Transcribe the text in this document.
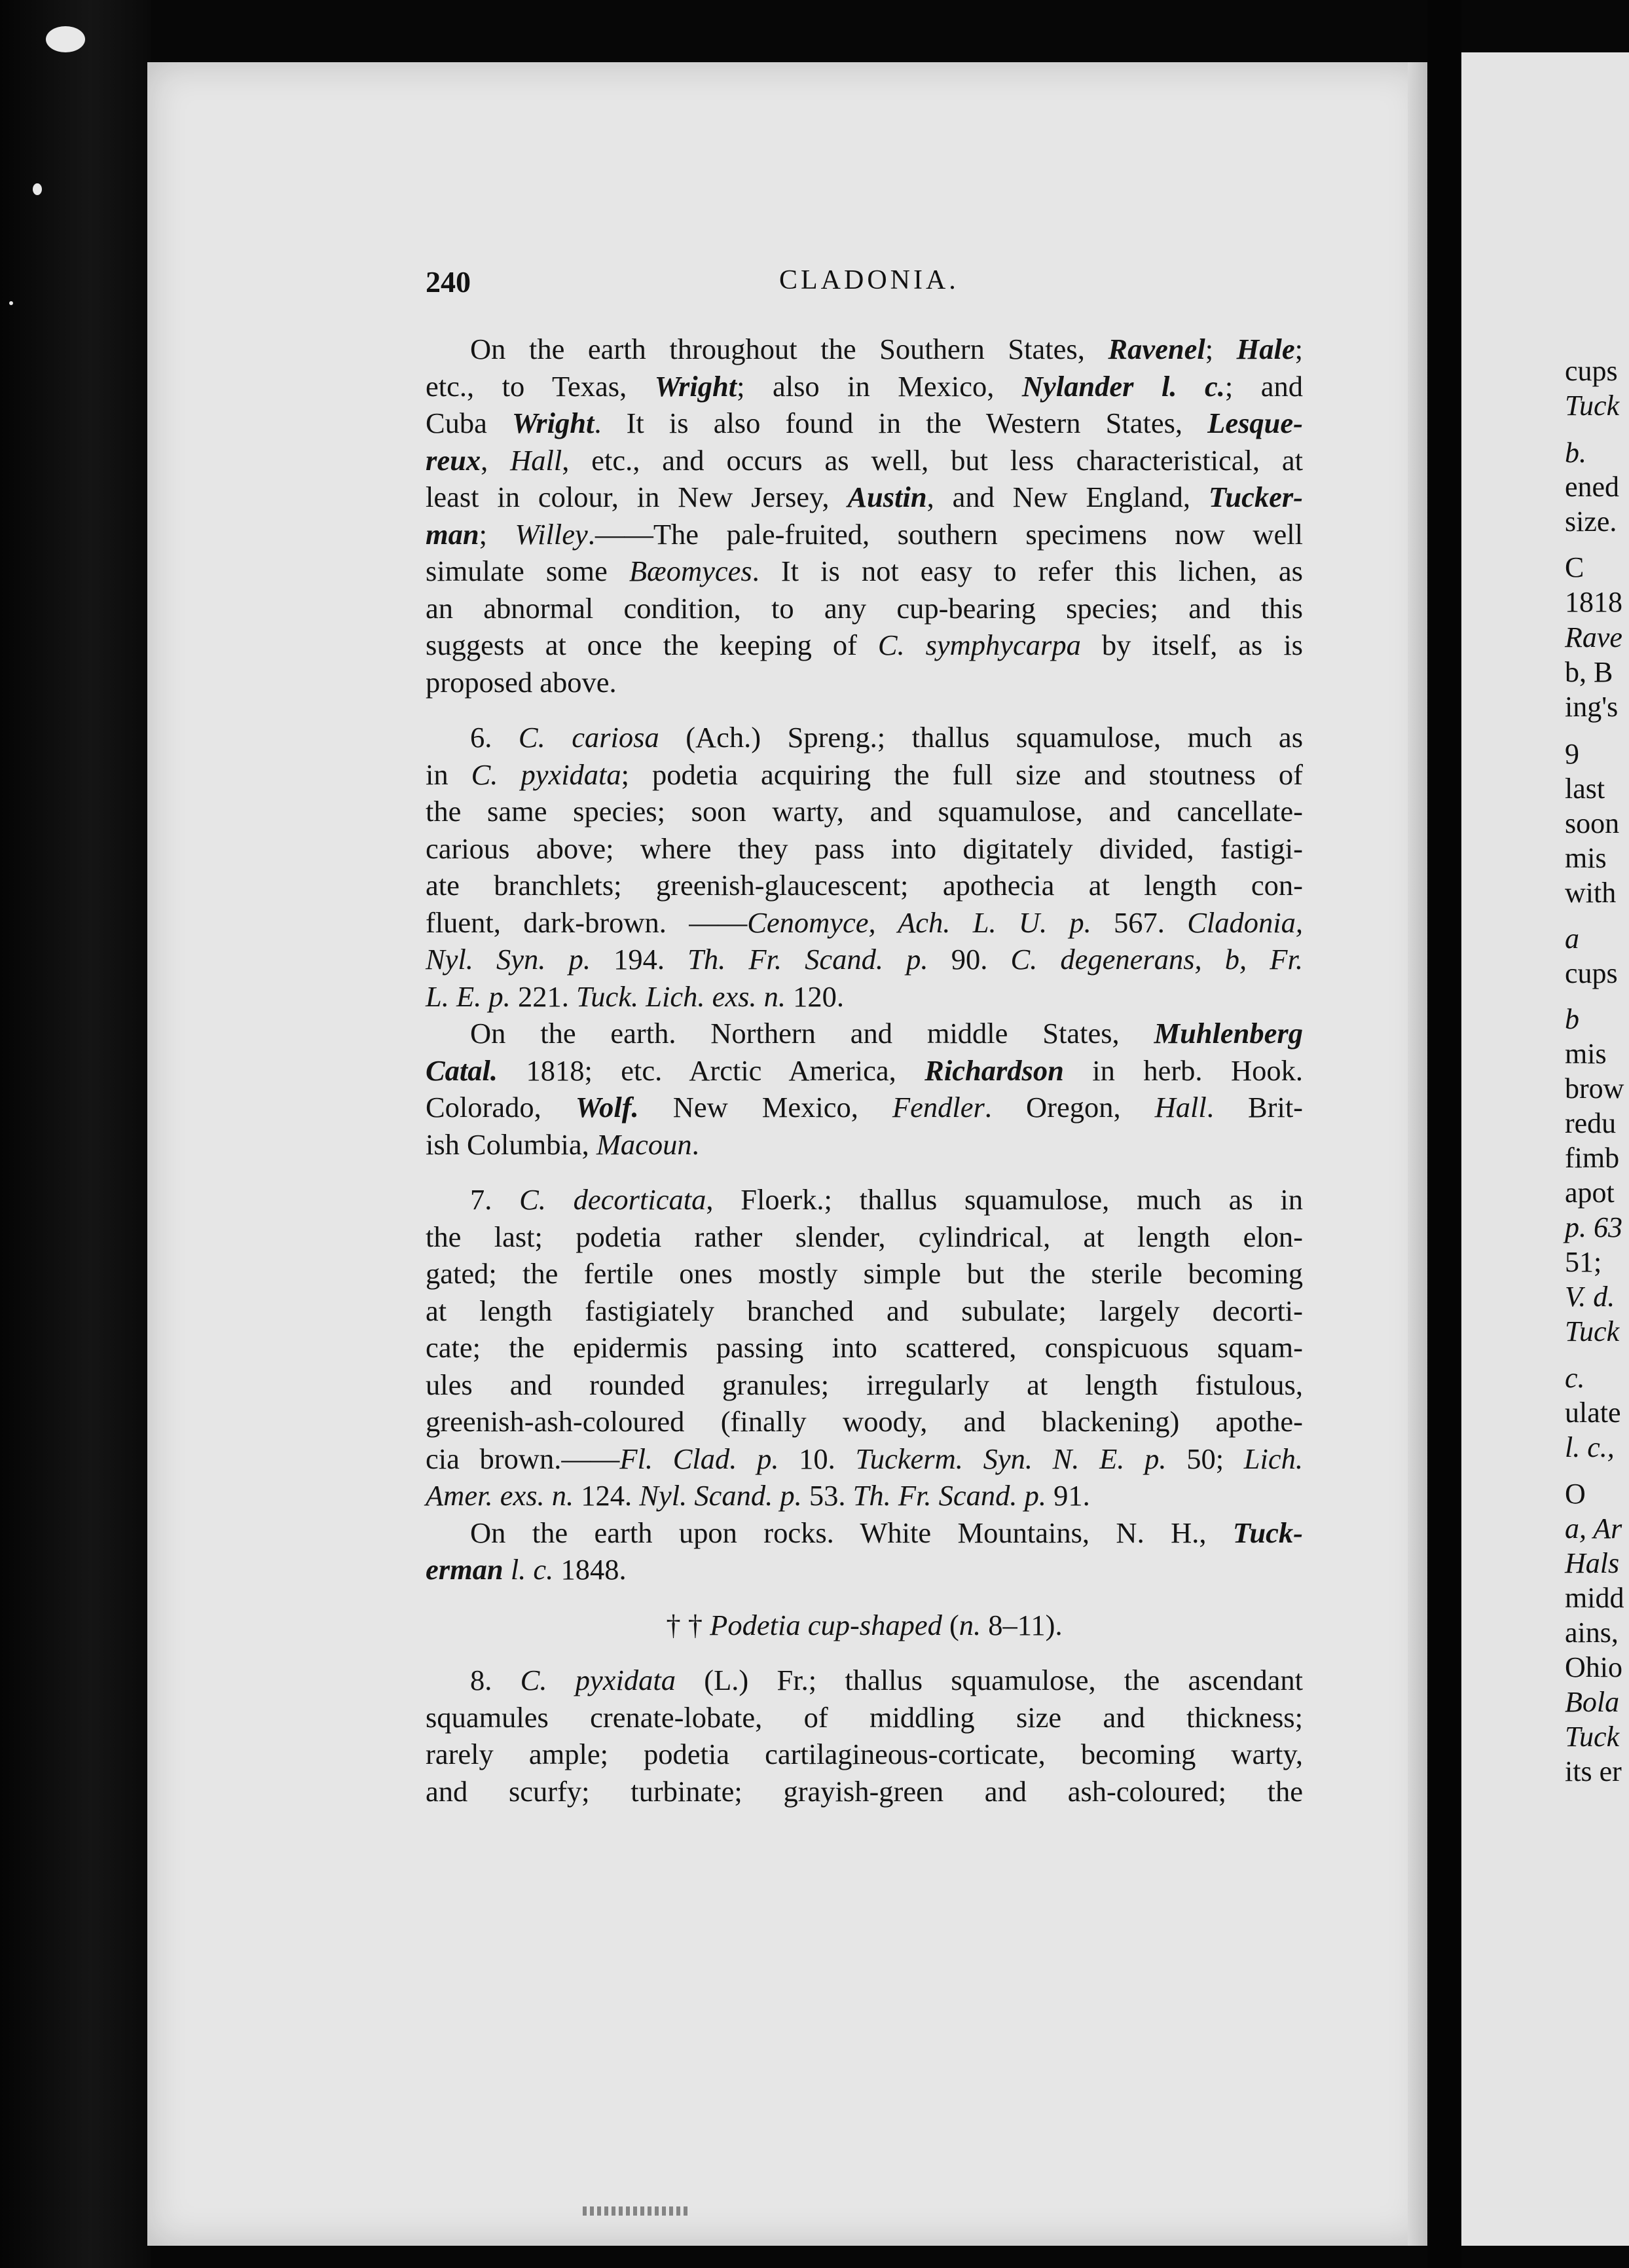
cups
Tuck
b.
ened
size.
C
1818
Rave
b, B
ing's
9
last
soon
mis
with
a
cups
b
mis
brow
redu
fimb
apot
p. 63
51;
V. d.
Tuck
c.
ulate
l. c.,
O
a, Ar
Hals
midd
ains,
Ohio
Bola
Tuck
its er
240	CLADONIA.
On the earth throughout the Southern States, Ravenel; Hale;
etc., to Texas, Wright; also in Mexico, Nylander l. c.; and
Cuba Wright. It is also found in the Western States, Lesque-
reux, Hall, etc., and occurs as well, but less characteristical, at
least in colour, in New Jersey, Austin, and New England, Tucker-
man; Willey.——The pale-fruited, southern specimens now well
simulate some Bæomyces. It is not easy to refer this lichen, as
an abnormal condition, to any cup-bearing species; and this
suggests at once the keeping of C. symphycarpa by itself, as is
proposed above.
6. C. cariosa (Ach.) Spreng.; thallus squamulose, much as
in C. pyxidata; podetia acquiring the full size and stoutness of
the same species; soon warty, and squamulose, and cancellate-
carious above; where they pass into digitately divided, fastigi-
ate branchlets; greenish-glaucescent; apothecia at length con-
fluent, dark-brown. ——Cenomyce, Ach. L. U. p. 567. Cladonia,
Nyl. Syn. p. 194. Th. Fr. Scand. p. 90. C. degenerans, b, Fr.
L. E. p. 221. Tuck. Lich. exs. n. 120.
On the earth. Northern and middle States, Muhlenberg
Catal. 1818; etc. Arctic America, Richardson in herb. Hook.
Colorado, Wolf. New Mexico, Fendler. Oregon, Hall. Brit-
ish Columbia, Macoun.
7. C. decorticata, Floerk.; thallus squamulose, much as in
the last; podetia rather slender, cylindrical, at length elon-
gated; the fertile ones mostly simple but the sterile becoming
at length fastigiately branched and subulate; largely decorti-
cate; the epidermis passing into scattered, conspicuous squam-
ules and rounded granules; irregularly at length fistulous,
greenish-ash-coloured (finally woody, and blackening) apothe-
cia brown.——Fl. Clad. p. 10. Tuckerm. Syn. N. E. p. 50; Lich.
Amer. exs. n. 124. Nyl. Scand. p. 53. Th. Fr. Scand. p. 91.
On the earth upon rocks. White Mountains, N. H., Tuck-
erman l. c. 1848.
† † Podetia cup-shaped (n. 8–11).
8. C. pyxidata (L.) Fr.; thallus squamulose, the ascendant
squamules crenate-lobate, of middling size and thickness;
rarely ample; podetia cartilagineous-corticate, becoming warty,
and scurfy; turbinate; grayish-green and ash-coloured; the
